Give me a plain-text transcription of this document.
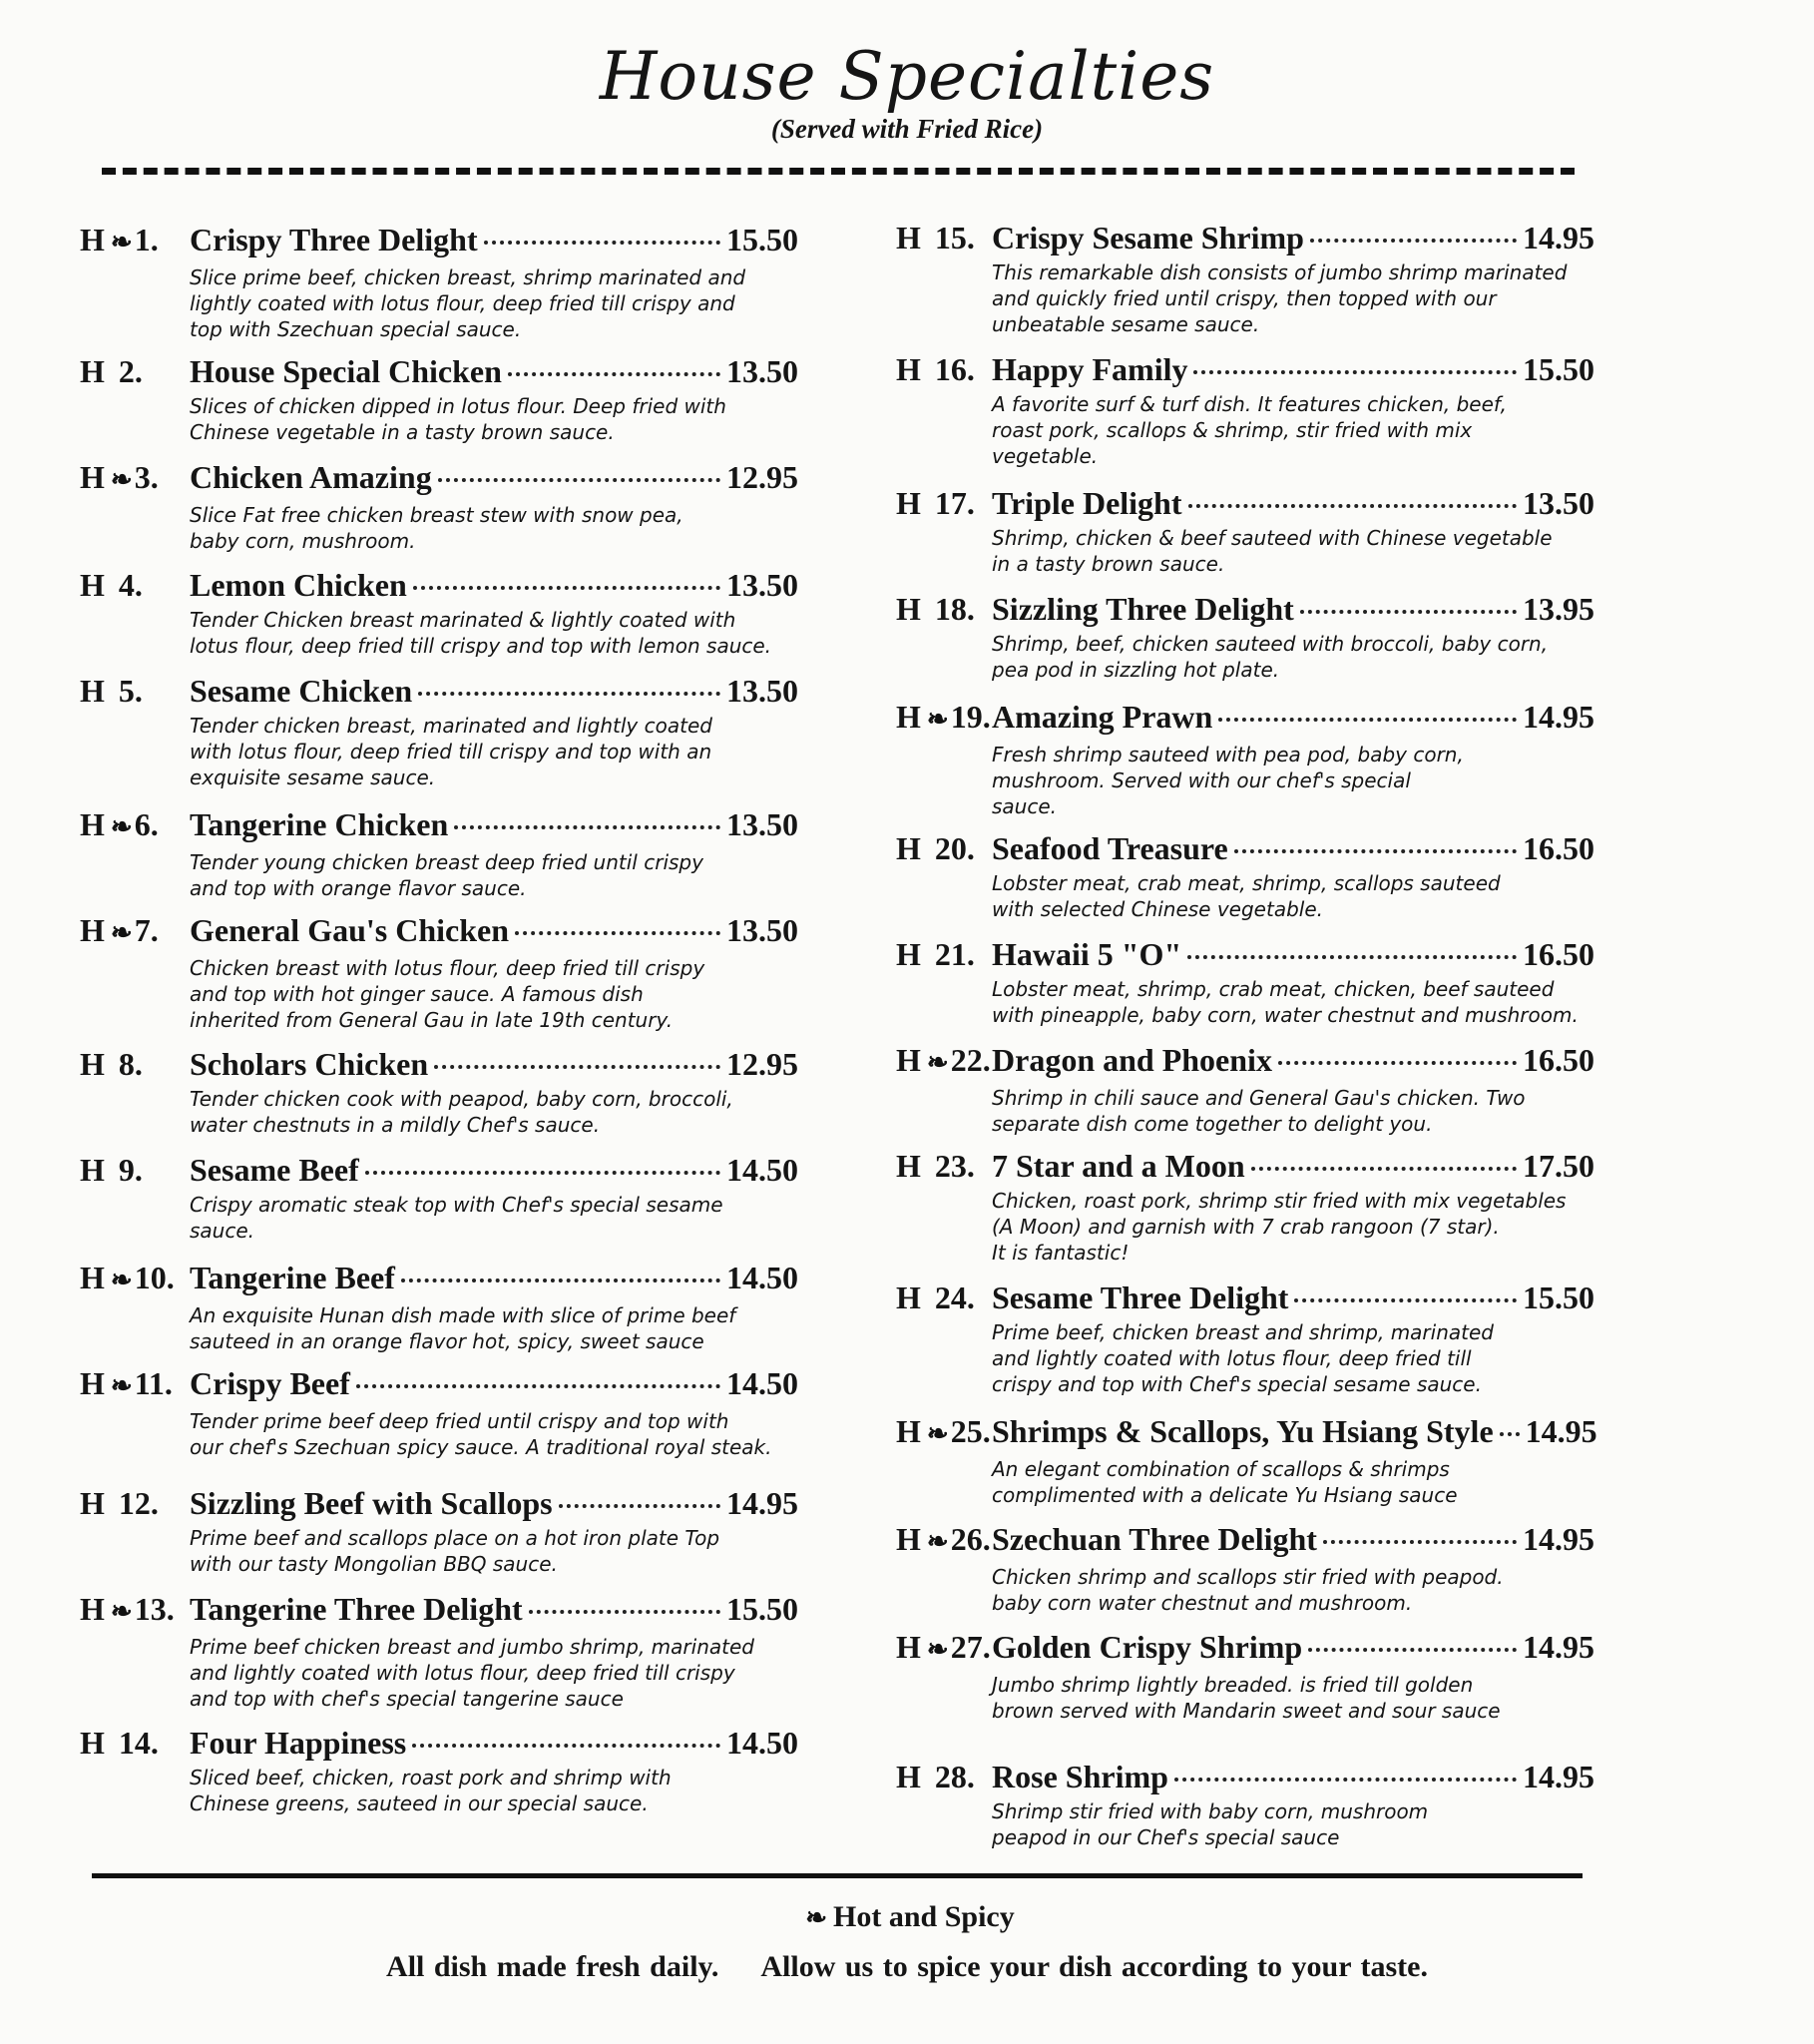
House Specialties
(Served with Fried Rice)
H ❧1. Crispy Three Delight	15.50
Slice prime beef, chicken breast, shrimp marinated and
lightly coated with lotus flour, deep fried till crispy and
top with Szechuan special sauce.
H 2.	House Special Chicken	13.50
Slices of chicken dipped in lotus flour. Deep fried with
Chinese vegetable in a tasty brown sauce.
H ❧3. Chicken Amazing	12.95
Slice Fat free chicken breast stew with snow pea,
baby corn, mushroom.
H 4.	Lemon Chicken	13.50
Tender Chicken breast marinated & lightly coated with
lotus flour, deep fried till crispy and top with lemon sauce.
H 5.	Sesame Chicken	13.50
Tender chicken breast, marinated and lightly coated
with lotus flour, deep fried till crispy and top with an
exquisite sesame sauce.
H ❧6. Tangerine Chicken	13.50
Tender young chicken breast deep fried until crispy
and top with orange flavor sauce.
H ❧7. General Gau's Chicken	13.50
Chicken breast with lotus flour, deep fried till crispy
and top with hot ginger sauce. A famous dish
inherited from General Gau in late 19th century.
H 8.	Scholars Chicken	12.95
Tender chicken cook with peapod, baby corn, broccoli,
water chestnuts in a mildly Chef's sauce.
H 9.	Sesame Beef	14.50
Crispy aromatic steak top with Chef's special sesame
sauce.
H ❧10. Tangerine Beef	14.50
An exquisite Hunan dish made with slice of prime beef
sauteed in an orange flavor hot, spicy, sweet sauce
H ❧11. Crispy Beef	14.50
Tender prime beef deep fried until crispy and top with
our chef's Szechuan spicy sauce. A traditional royal steak.
H 12. Sizzling Beef with Scallops	14.95
Prime beef and scallops place on a hot iron plate Top
with our tasty Mongolian BBQ sauce.
H ❧13. Tangerine Three Delight	15.50
Prime beef chicken breast and jumbo shrimp, marinated
and lightly coated with lotus flour, deep fried till crispy
and top with chef's special tangerine sauce
H 14. Four Happiness	14.50
Sliced beef, chicken, roast pork and shrimp with
Chinese greens, sauteed in our special sauce.
H 15. Crispy Sesame Shrimp	14.95
This remarkable dish consists of jumbo shrimp marinated
and quickly fried until crispy, then topped with our
unbeatable sesame sauce.
H 16. Happy Family	15.50
A favorite surf & turf dish. It features chicken, beef,
roast pork, scallops & shrimp, stir fried with mix
vegetable.
H 17. Triple Delight	13.50
Shrimp, chicken & beef sauteed with Chinese vegetable
in a tasty brown sauce.
H 18. Sizzling Three Delight	13.95
Shrimp, beef, chicken sauteed with broccoli, baby corn,
pea pod in sizzling hot plate.
H ❧19. Amazing Prawn	14.95
Fresh shrimp sauteed with pea pod, baby corn,
mushroom. Served with our chef's special
sauce.
H 20. Seafood Treasure	16.50
Lobster meat, crab meat, shrimp, scallops sauteed
with selected Chinese vegetable.
H 21. Hawaii 5 "O"	16.50
Lobster meat, shrimp, crab meat, chicken, beef sauteed
with pineapple, baby corn, water chestnut and mushroom.
H ❧22. Dragon and Phoenix	16.50
Shrimp in chili sauce and General Gau's chicken. Two
separate dish come together to delight you.
H 23. 7 Star and a Moon	17.50
Chicken, roast pork, shrimp stir fried with mix vegetables
(A Moon) and garnish with 7 crab rangoon (7 star).
It is fantastic!
H 24. Sesame Three Delight	15.50
Prime beef, chicken breast and shrimp, marinated
and lightly coated with lotus flour, deep fried till
crispy and top with Chef's special sesame sauce.
H ❧25. Shrimps & Scallops, Yu Hsiang Style 14.95
An elegant combination of scallops & shrimps
complimented with a delicate Yu Hsiang sauce
H ❧26. Szechuan Three Delight	14.95
Chicken shrimp and scallops stir fried with peapod.
baby corn water chestnut and mushroom.
H ❧27. Golden Crispy Shrimp	14.95
Jumbo shrimp lightly breaded. is fried till golden
brown served with Mandarin sweet and sour sauce
H 28. Rose Shrimp	14.95
Shrimp stir fried with baby corn, mushroom
peapod in our Chef's special sauce
❧ Hot and Spicy
All dish made fresh daily. Allow us to spice your dish according to your taste.
